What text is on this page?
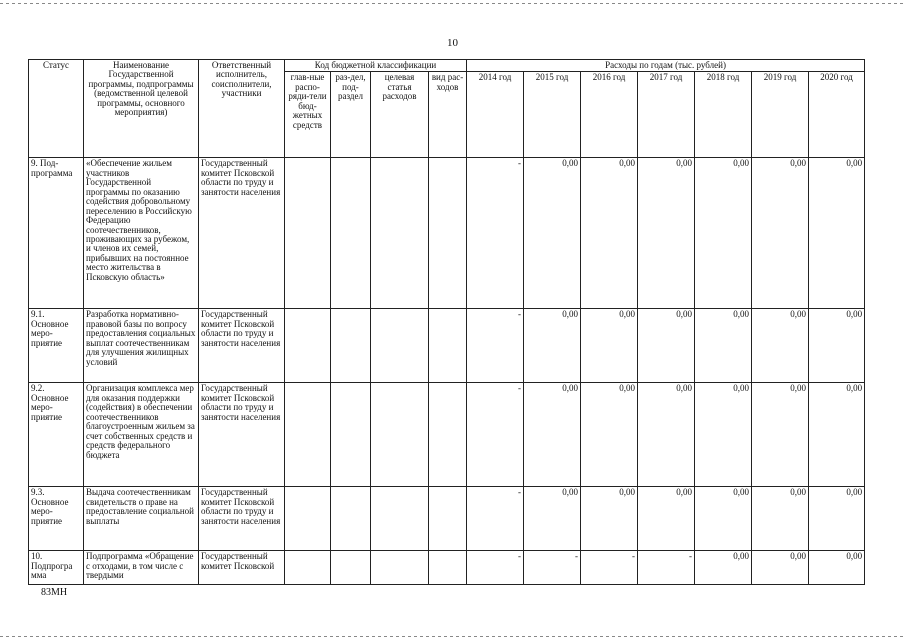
10
Статус	Наименование Государственной программы, подпрограммы (ведомственной целевой программы, основного мероприятия)	Ответственный исполнитель, соисполнители, участники	Код бюджетной классификации				Расходы по годам (тыс. рублей)						
			глав-ные распо-ряди-тели бюд-жетных средств	раз-дел, под-раздел	целевая статья расходов	вид рас-ходов	2014 год	2015 год	2016 год	2017 год	2018 год	2019 год	2020 год
9. Под-программа	«Обеспечение жильем участников Государственной программы по оказанию содействия добровольному переселению в Российскую Федерацию соотечественников, проживающих за рубежом, и членов их семей, прибывших на постоянное место жительства в Псковскую область»	Государственный комитет Псковской области по труду и занятости населения					-	0,00	0,00	0,00	0,00	0,00	0,00
9.1. Основное меро-приятие	Разработка нормативно-правовой базы по вопросу предоставления социальных выплат соотечественникам для улучшения жилищных условий	Государственный комитет Псковской области по труду и занятости населения					-	0,00	0,00	0,00	0,00	0,00	0,00
9.2. Основное меро-приятие	Организация комплекса мер для оказания поддержки (содействия) в обеспечении соотечественников благоустроенным жильем за счет собственных средств и средств федерального бюджета	Государственный комитет Псковской области по труду и занятости населения					-	0,00	0,00	0,00	0,00	0,00	0,00
9.3. Основное меро-приятие	Выдача соотечественникам свидетельств о праве на предоставление социальной выплаты	Государственный комитет Псковской области по труду и занятости населения					-	0,00	0,00	0,00	0,00	0,00	0,00
10. Подпрогра мма	Подпрограмма «Обращение с отходами, в том числе с твердыми	Государственный комитет Псковской					-	-	-	-	0,00	0,00	0,00
83МН
